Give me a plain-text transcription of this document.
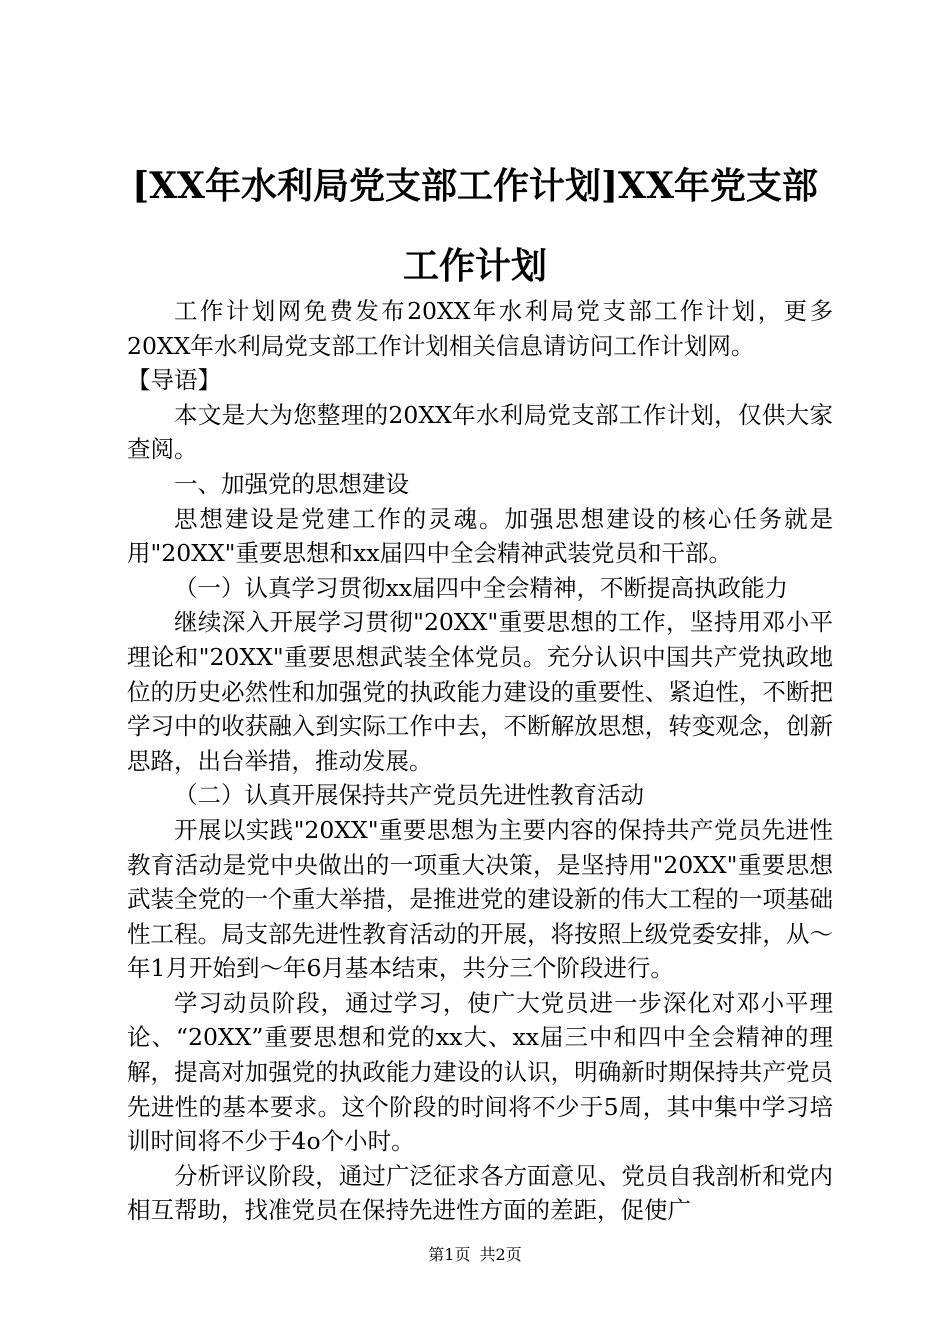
[XX年水利局党支部工作计划]XX年党支部工作计划

工作计划网免费发布20XX年水利局党支部工作计划，更多20XX年水利局党支部工作计划相关信息请访问工作计划网。

【导语】

本文是大为您整理的20XX年水利局党支部工作计划，仅供大家查阅。

一、加强党的思想建设

思想建设是党建工作的灵魂。加强思想建设的核心任务就是用"20XX"重要思想和xx届四中全会精神武装党员和干部。

（一）认真学习贯彻xx届四中全会精神，不断提高执政能力

继续深入开展学习贯彻"20XX"重要思想的工作，坚持用邓小平理论和"20XX"重要思想武装全体党员。充分认识中国共产党执政地位的历史必然性和加强党的执政能力建设的重要性、紧迫性，不断把学习中的收获融入到实际工作中去，不断解放思想，转变观念，创新思路，出台举措，推动发展。

（二）认真开展保持共产党员先进性教育活动

开展以实践"20XX"重要思想为主要内容的保持共产党员先进性教育活动是党中央做出的一项重大决策，是坚持用"20XX"重要思想武装全党的一个重大举措，是推进党的建设新的伟大工程的一项基础性工程。局支部先进性教育活动的开展，将按照上级党委安排，从～年1月开始到～年6月基本结束，共分三个阶段进行。

学习动员阶段，通过学习，使广大党员进一步深化对邓小平理论、“20XX”重要思想和党的xx大、xx届三中和四中全会精神的理解，提高对加强党的执政能力建设的认识，明确新时期保持共产党员先进性的基本要求。这个阶段的时间将不少于5周，其中集中学习培训时间将不少于4o个小时。

分析评议阶段，通过广泛征求各方面意见、党员自我剖析和党内相互帮助，找准党员在保持先进性方面的差距，促使广

第1页 共2页
